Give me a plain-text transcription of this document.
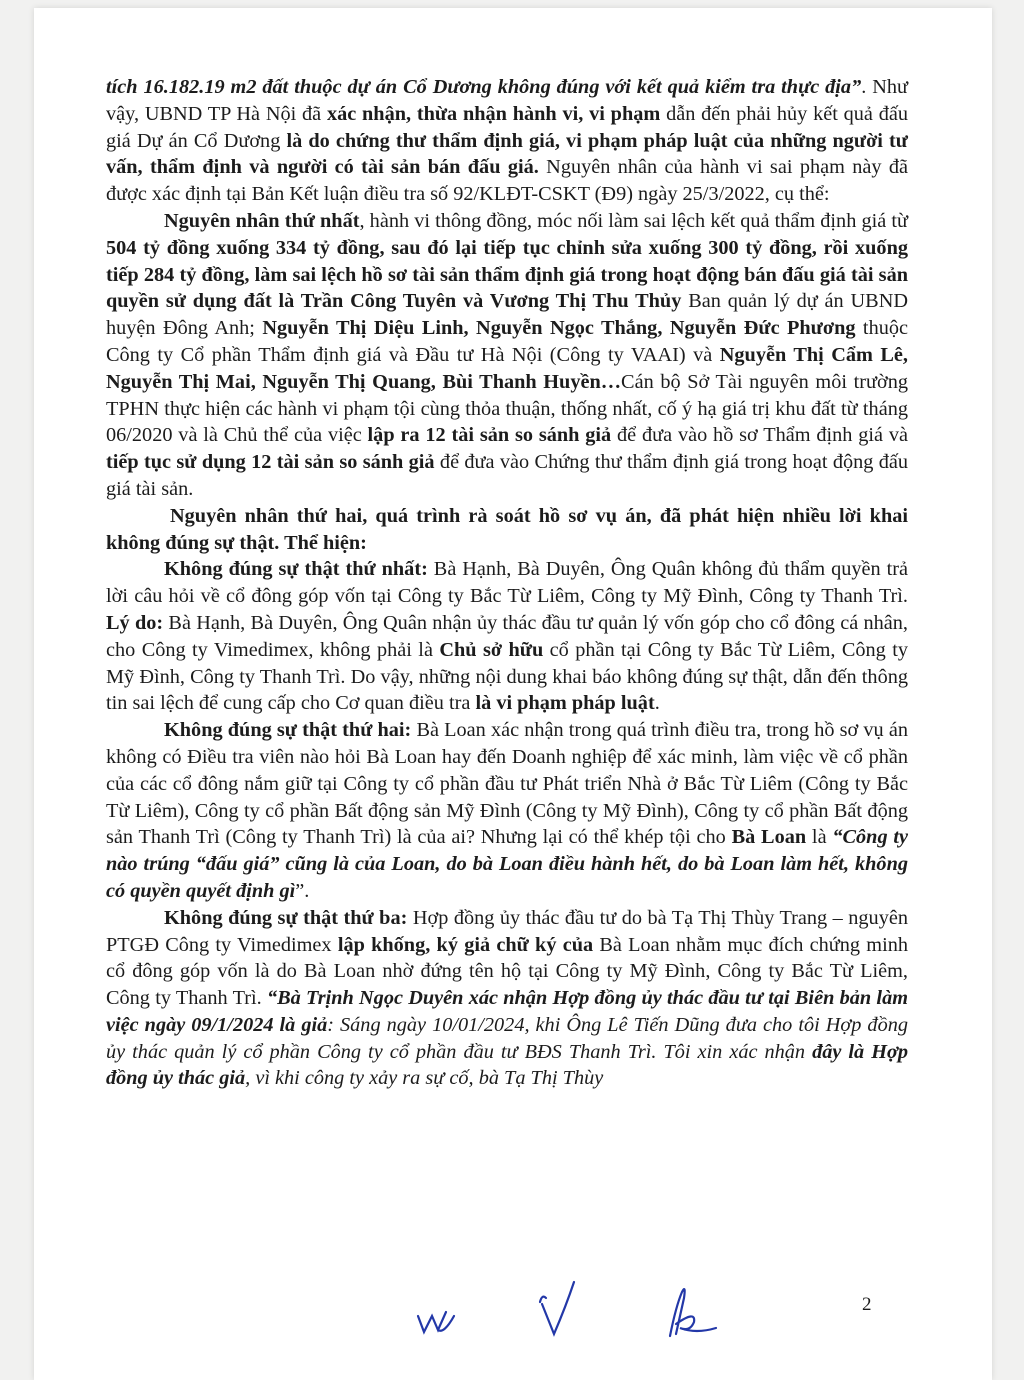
tích 16.182.19 m2 đất thuộc dự án Cổ Dương không đúng với kết quả kiểm tra thực địa”. Như vậy, UBND TP Hà Nội đã xác nhận, thừa nhận hành vi, vi phạm dẫn đến phải hủy kết quả đấu giá Dự án Cổ Dương là do chứng thư thẩm định giá, vi phạm pháp luật của những người tư vấn, thẩm định và người có tài sản bán đấu giá. Nguyên nhân của hành vi sai phạm này đã được xác định tại Bản Kết luận điều tra số 92/KLĐT-CSKT (Đ9) ngày 25/3/2022, cụ thể:

Nguyên nhân thứ nhất, hành vi thông đồng, móc nối làm sai lệch kết quả thẩm định giá từ 504 tỷ đồng xuống 334 tỷ đồng, sau đó lại tiếp tục chỉnh sửa xuống 300 tỷ đồng, rồi xuống tiếp 284 tỷ đồng, làm sai lệch hồ sơ tài sản thẩm định giá trong hoạt động bán đấu giá tài sản quyền sử dụng đất là Trần Công Tuyên và Vương Thị Thu Thủy Ban quản lý dự án UBND huyện Đông Anh; Nguyễn Thị Diệu Linh, Nguyễn Ngọc Thắng, Nguyễn Đức Phương thuộc Công ty Cổ phần Thẩm định giá và Đầu tư Hà Nội (Công ty VAAI) và Nguyễn Thị Cẩm Lê, Nguyễn Thị Mai, Nguyễn Thị Quang, Bùi Thanh Huyền…Cán bộ Sở Tài nguyên môi trường TPHN thực hiện các hành vi phạm tội cùng thỏa thuận, thống nhất, cố ý hạ giá trị khu đất từ tháng 06/2020 và là Chủ thể của việc lập ra 12 tài sản so sánh giả để đưa vào hồ sơ Thẩm định giá và tiếp tục sử dụng 12 tài sản so sánh giả để đưa vào Chứng thư thẩm định giá trong hoạt động đấu giá tài sản.

Nguyên nhân thứ hai, quá trình rà soát hồ sơ vụ án, đã phát hiện nhiều lời khai không đúng sự thật. Thể hiện:

Không đúng sự thật thứ nhất: Bà Hạnh, Bà Duyên, Ông Quân không đủ thẩm quyền trả lời câu hỏi về cổ đông góp vốn tại Công ty Bắc Từ Liêm, Công ty Mỹ Đình, Công ty Thanh Trì. Lý do: Bà Hạnh, Bà Duyên, Ông Quân nhận ủy thác đầu tư quản lý vốn góp cho cổ đông cá nhân, cho Công ty Vimedimex, không phải là Chủ sở hữu cổ phần tại Công ty Bắc Từ Liêm, Công ty Mỹ Đình, Công ty Thanh Trì. Do vậy, những nội dung khai báo không đúng sự thật, dẫn đến thông tin sai lệch để cung cấp cho Cơ quan điều tra là vi phạm pháp luật.

Không đúng sự thật thứ hai: Bà Loan xác nhận trong quá trình điều tra, trong hồ sơ vụ án không có Điều tra viên nào hỏi Bà Loan hay đến Doanh nghiệp để xác minh, làm việc về cổ phần của các cổ đông nắm giữ tại Công ty cổ phần đầu tư Phát triển Nhà ở Bắc Từ Liêm (Công ty Bắc Từ Liêm), Công ty cổ phần Bất động sản Mỹ Đình (Công ty Mỹ Đình), Công ty cổ phần Bất động sản Thanh Trì (Công ty Thanh Trì) là của ai? Nhưng lại có thể khép tội cho Bà Loan là “Công ty nào trúng “đấu giá” cũng là của Loan, do bà Loan điều hành hết, do bà Loan làm hết, không có quyền quyết định gì”.

Không đúng sự thật thứ ba: Hợp đồng ủy thác đầu tư do bà Tạ Thị Thùy Trang – nguyên PTGĐ Công ty Vimedimex lập khống, ký giả chữ ký của Bà Loan nhằm mục đích chứng minh cổ đông góp vốn là do Bà Loan nhờ đứng tên hộ tại Công ty Mỹ Đình, Công ty Bắc Từ Liêm, Công ty Thanh Trì. “Bà Trịnh Ngọc Duyên xác nhận Hợp đồng ủy thác đầu tư tại Biên bản làm việc ngày 09/1/2024 là giả: Sáng ngày 10/01/2024, khi Ông Lê Tiến Dũng đưa cho tôi Hợp đồng ủy thác quản lý cổ phần Công ty cổ phần đầu tư BĐS Thanh Trì. Tôi xin xác nhận đây là Hợp đồng ủy thác giả, vì khi công ty xảy ra sự cố, bà Tạ Thị Thùy

2
